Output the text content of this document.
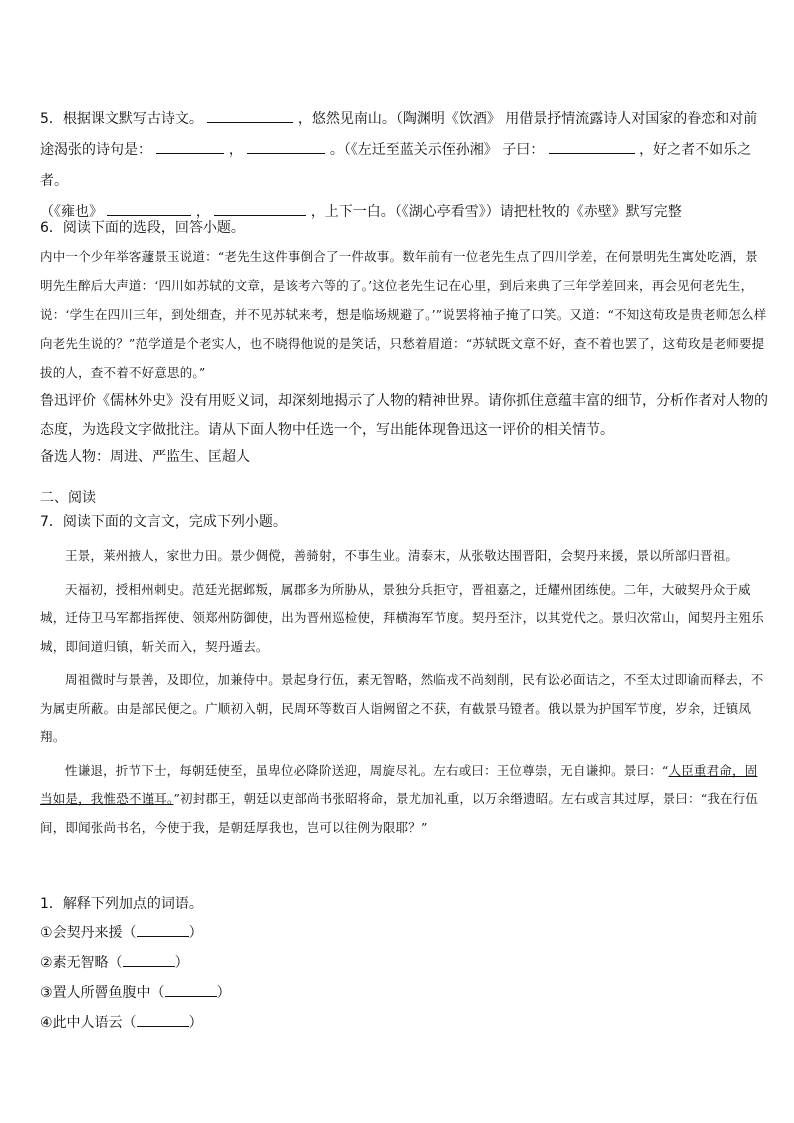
5．根据课文默写古诗文。	，悠然见南山。（陶渊明《饮酒》 用借景抒情流露诗人对国家的眷恋和对前
途渴张的诗句是：	，	。（《左迁至蓝关示侄孙湘》 子曰：	，好之者不如乐之者。
（《雍也》	，	，上下一白。（《湖心亭看雪》）请把杜牧的《赤壁》默写完整
6．阅读下面的选段，回答小题。
内中一个少年举客蘧景玉说道：“老先生这件事倒合了一件故事。数年前有一位老先生点了四川学差，在何景明先生寓处吃酒，景明先生醉后大声道：‘四川如苏轼的文章，是该考六等的了。’这位老先生记在心里，到后来典了三年学差回来，再会见何老先生，说：‘学生在四川三年，到处细查，并不见苏轼来考，想是临场规避了。’”说罢将袖子掩了口笑。又道：“不知这荀玫是贵老师怎么样向老先生说的？”范学道是个老实人，也不晓得他说的是笑话，只愁着眉道：“苏轼既文章不好，查不着也罢了，这荀玫是老师要提拔的人，查不着不好意思的。”
鲁迅评价《儒林外史》没有用贬义词，却深刻地揭示了人物的精神世界。请你抓住意蕴丰富的细节，分析作者对人物的态度，为选段文字做批注。请从下面人物中任选一个，写出能体现鲁迅这一评价的相关情节。
备选人物：周进、严监生、匡超人
二、阅读
7．阅读下面的文言文，完成下列小题。

王景，莱州掖人，家世力田。景少倜傥，善骑射，不事生业。清泰末，从张敬达围晋阳，会契丹来援，景以所部归晋祖。

天福初，授相州刺史。范廷光据邺叛，属郡多为所胁从，景独分兵拒守，晋祖嘉之，迁耀州团练使。二年，大破契丹众于威城，迁侍卫马军都指挥使、领郑州防御使，出为晋州巡检使，拜横海军节度。契丹至汴，以其党代之。景归次常山，闻契丹主殂乐城，即间道归镇，斩关而入，契丹遁去。

周祖微时与景善，及即位，加兼侍中。景起身行伍，素无智略，然临戎不尚刻削，民有讼必面诘之，不至太过即谕而释去，不为属吏所蔽。由是部民便之。广顺初入朝，民周环等数百人诣阙留之不获，有截景马镫者。俄以景为护国军节度，岁余，迁镇凤翔。

性谦退，折节下士，每朝廷使至，虽卑位必降阶送迎，周旋尽礼。左右或曰：王位尊崇，无自谦抑。景曰：“人臣重君命，固当如是，我惟恐不谨耳。”初封郡王，朝廷以吏部尚书张昭将命，景尤加礼重，以万余缗遗昭。左右或言其过厚，景曰：“我在行伍间，即闻张尚书名，今使于我，是朝廷厚我也，岂可以往例为限耶？”

1．解释下列加点的词语。
①会契丹来援（	）
②素无智略（	）
③置人所罾鱼腹中（	）
④此中人语云（	）
